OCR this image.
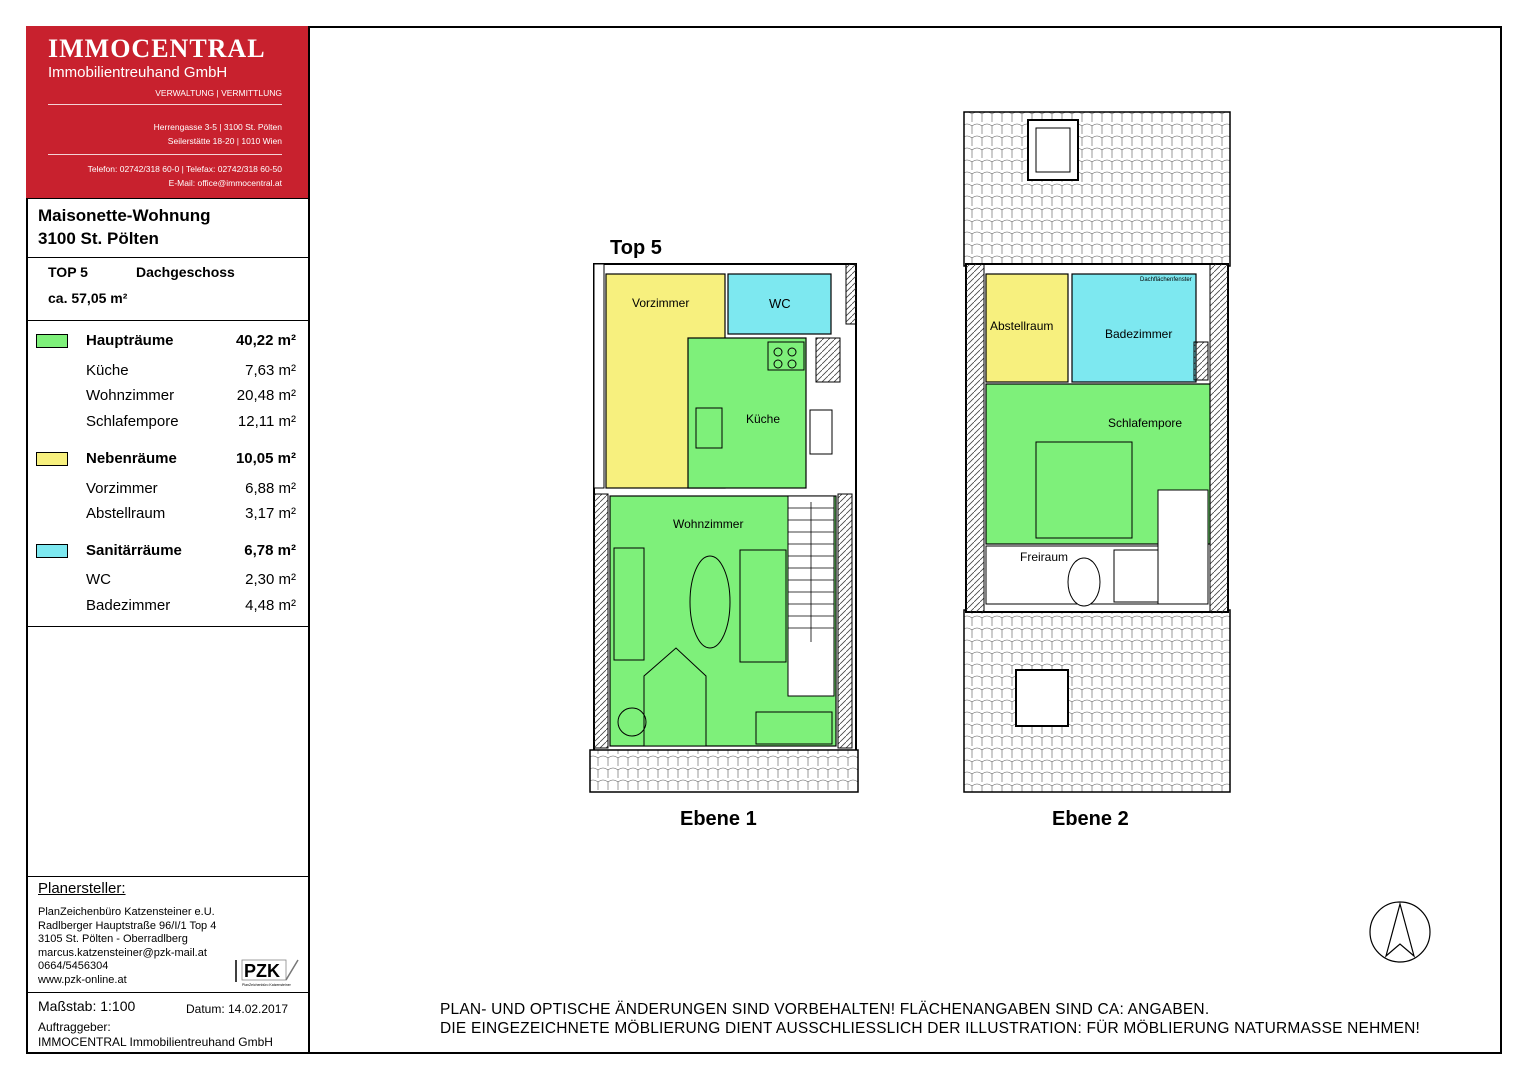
IMMOCENTRAL
Immobilientreuhand GmbH
VERWALTUNG | VERMITTLUNG
Herrengasse 3-5 | 3100 St. Pölten
Seilerstätte 18-20 | 1010 Wien
Telefon: 02742/318 60-0 | Telefax: 02742/318 60-50
E-Mail: office@immocentral.at
Maisonette-Wohnung
3100 St. Pölten
TOP 5	Dachgeschoss
ca. 57,05 m²
Haupträume	40,22 m²
Küche	7,63 m²
Wohnzimmer	20,48 m²
Schlafempore	12,11 m²
Nebenräume	10,05 m²
Vorzimmer	6,88 m²
Abstellraum	3,17 m²
Sanitärräume	6,78 m²
WC	2,30 m²
Badezimmer	4,48 m²
Planersteller:
PlanZeichenbüro Katzensteiner e.U.
Radlberger Hauptstraße 96/I/1 Top 4
3105 St. Pölten - Oberradlberg
marcus.katzensteiner@pzk-mail.at
0664/5456304
www.pzk-online.at	PZK
PlanZeichenbüro Katzensteiner
Maßstab: 1:100	Datum: 14.02.2017
Auftraggeber:
IMMOCENTRAL Immobilientreuhand GmbH
Top 5
Vorzimmer	WC
Küche
Wohnzimmer
Ebene 1
Abstellraum
Badezimmer
Schlafempore
Freiraum
Dachflächenfenster
Ebene 2
PLAN- UND OPTISCHE ÄNDERUNGEN SIND VORBEHALTEN! FLÄCHENANGABEN SIND CA: ANGABEN.
DIE EINGEZEICHNETE MÖBLIERUNG DIENT AUSSCHLIESSLICH DER ILLUSTRATION: FÜR MÖBLIERUNG NATURMASSE NEHMEN!
